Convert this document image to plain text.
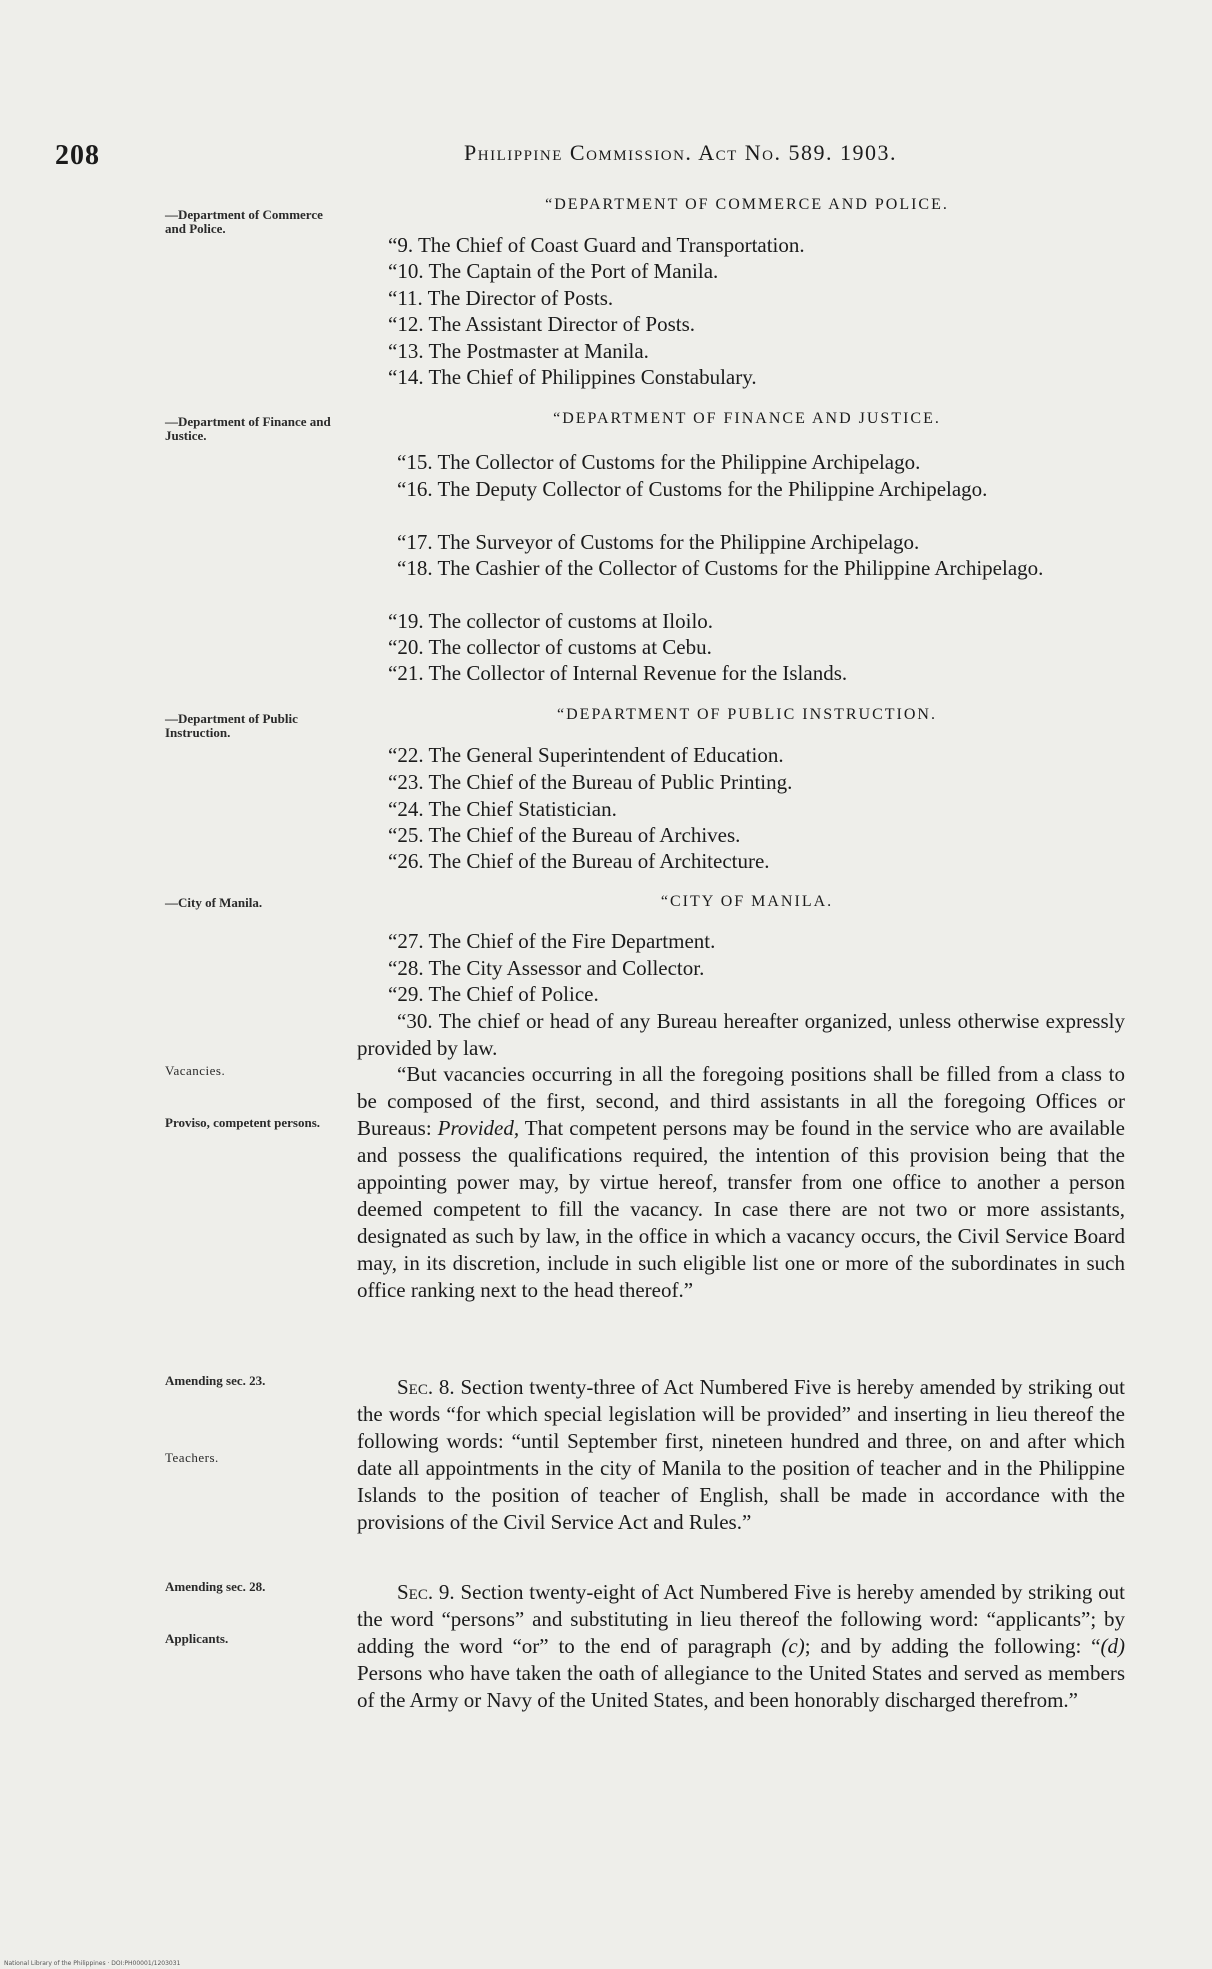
208	Philippine Commission. Act No. 589. 1903.
—Department of Commerce and Police.
“DEPARTMENT OF COMMERCE AND POLICE.
“9. The Chief of Coast Guard and Transportation.
“10. The Captain of the Port of Manila.
“11. The Director of Posts.
“12. The Assistant Director of Posts.
“13. The Postmaster at Manila.
“14. The Chief of Philippines Constabulary.
—Department of Finance and Justice.
“DEPARTMENT OF FINANCE AND JUSTICE.
“15. The Collector of Customs for the Philippine Archipelago.
“16. The Deputy Collector of Customs for the Philippine Archipelago.
“17. The Surveyor of Customs for the Philippine Archipelago.
“18. The Cashier of the Collector of Customs for the Philippine Archipelago.
“19. The collector of customs at Iloilo.
“20. The collector of customs at Cebu.
“21. The Collector of Internal Revenue for the Islands.
—Department of Public Instruction.
“DEPARTMENT OF PUBLIC INSTRUCTION.
“22. The General Superintendent of Education.
“23. The Chief of the Bureau of Public Printing.
“24. The Chief Statistician.
“25. The Chief of the Bureau of Archives.
“26. The Chief of the Bureau of Architecture.
—City of Manila.	“CITY OF MANILA.
“27. The Chief of the Fire Department.
“28. The City Assessor and Collector.
“29. The Chief of Police.
“30. The chief or head of any Bureau hereafter organized, unless otherwise expressly provided by law.
Vacancies.
Proviso, competent persons.
“But vacancies occurring in all the foregoing positions shall be filled from a class to be composed of the first, second, and third assistants in all the foregoing Offices or Bureaus: Provided, That competent persons may be found in the service who are available and possess the qualifications required, the intention of this provision being that the appointing power may, by virtue hereof, transfer from one office to another a person deemed competent to fill the vacancy. In case there are not two or more assistants, designated as such by law, in the office in which a vacancy occurs, the Civil Service Board may, in its discretion, include in such eligible list one or more of the subordinates in such office ranking next to the head thereof.”
Amending sec. 23.
Teachers.
Sec. 8. Section twenty-three of Act Numbered Five is hereby amended by striking out the words “for which special legislation will be provided” and inserting in lieu thereof the following words: “until September first, nineteen hundred and three, on and after which date all appointments in the city of Manila to the position of teacher and in the Philippine Islands to the position of teacher of English, shall be made in accordance with the provisions of the Civil Service Act and Rules.”
Amending sec. 28.
Applicants.
Sec. 9. Section twenty-eight of Act Numbered Five is hereby amended by striking out the word “persons” and substituting in lieu thereof the following word: “applicants”; by adding the word “or” to the end of paragraph (c); and by adding the following: “(d) Persons who have taken the oath of allegiance to the United States and served as members of the Army or Navy of the United States, and been honorably discharged therefrom.”
National Library of the Philippines · DOI:PH00001/1203031
